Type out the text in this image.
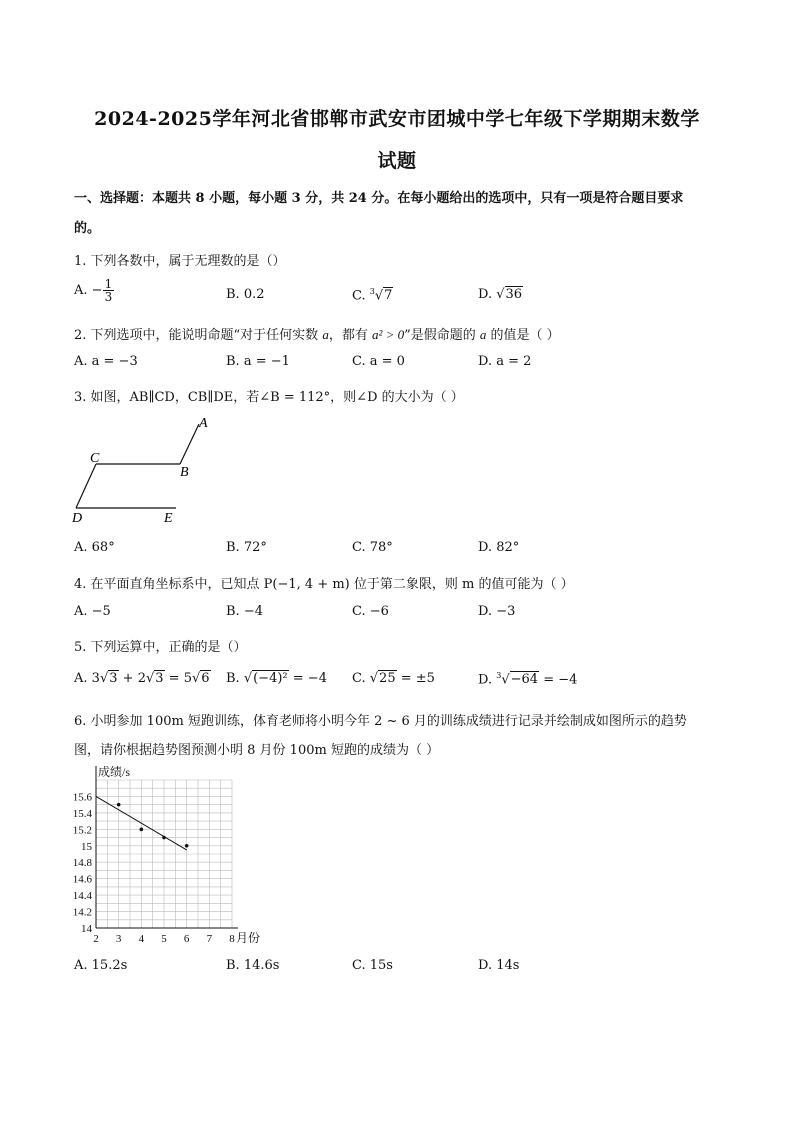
2024-2025学年河北省邯郸市武安市团城中学七年级下学期期末数学
试题
一、选择题：本题共 8 小题，每小题 3 分，共 24 分。在每小题给出的选项中，只有一项是符合题目要求
的。
1. 下列各数中，属于无理数的是（）
A. − $\frac{1}{3}$	B. 0.2	C. $^3$√7	D. √36
2. 下列选项中，能说明命题“对于任何实数 a，都有 a² > 0”是假命题的 a 的值是（ ）
A. a = −3	B. a = −1	C. a = 0	D. a = 2
3. 如图，AB∥CD，CB∥DE，若∠B = 112°，则∠D 的大小为（ ）
A
B
C
D	E
A. 68°	B. 72°	C. 78°	D. 82°
4. 在平面直角坐标系中，已知点 P(−1, 4 + m) 位于第二象限，则 m 的值可能为（ ）
A. −5	B. −4	C. −6	D. −3
5. 下列运算中，正确的是（）
A. 3√3 + 2√3 = 5√6 B. √(−4)² = −4 C. √25 = ±5	D. $^3$√−64 = −4
6. 小明参加 100m 短跑训练，体育老师将小明今年 2 ~ 6 月的训练成绩进行记录并绘制成如图所示的趋势
图，请你根据趋势图预测小明 8 月份 100m 短跑的成绩为（ ）
14
14.2
14.4
14.6
14.8
15
15.2
15.4
15.6
2 3 4 5 6 7 8
成绩/s
月份
A. 15.2s	B. 14.6s	C. 15s	D. 14s
